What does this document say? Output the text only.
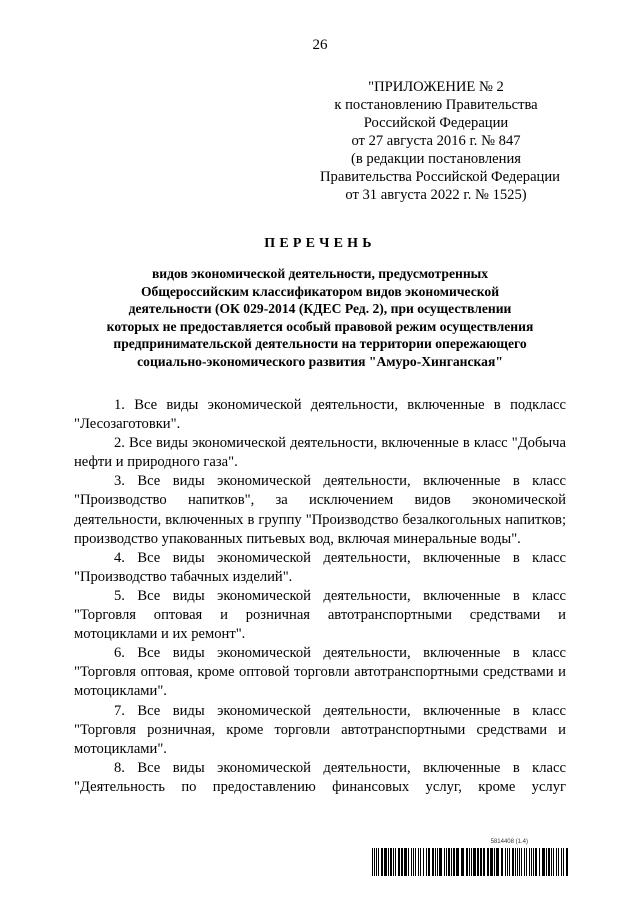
26
"ПРИЛОЖЕНИЕ № 2
к постановлению Правительства
Российской Федерации
от 27 августа 2016 г. № 847
(в редакции постановления
Правительства Российской Федерации
от 31 августа 2022 г. № 1525)
ПЕРЕЧЕНЬ
видов экономической деятельности, предусмотренных
Общероссийским классификатором видов экономической
деятельности (ОК 029-2014 (КДЕС Ред. 2), при осуществлении
которых не предоставляется особый правовой режим осуществления
предпринимательской деятельности на территории опережающего
социально-экономического развития "Амуро-Хинганская"

1. Все виды экономической деятельности, включенные в подкласс "Лесозаготовки".

2. Все виды экономической деятельности, включенные в класс "Добыча нефти и природного газа".

3. Все виды экономической деятельности, включенные в класс "Производство напитков", за исключением видов экономической деятельности, включенных в группу "Производство безалкогольных напитков; производство упакованных питьевых вод, включая минеральные воды".

4. Все виды экономической деятельности, включенные в класс "Производство табачных изделий".

5. Все виды экономической деятельности, включенные в класс "Торговля оптовая и розничная автотранспортными средствами и мотоциклами и их ремонт".

6. Все виды экономической деятельности, включенные в класс "Торговля оптовая, кроме оптовой торговли автотранспортными средствами и мотоциклами".

7. Все виды экономической деятельности, включенные в класс "Торговля розничная, кроме торговли автотранспортными средствами и мотоциклами".

8. Все виды экономической деятельности, включенные в класс "Деятельность по предоставлению финансовых услуг, кроме услуг

5814408 (1.4)
